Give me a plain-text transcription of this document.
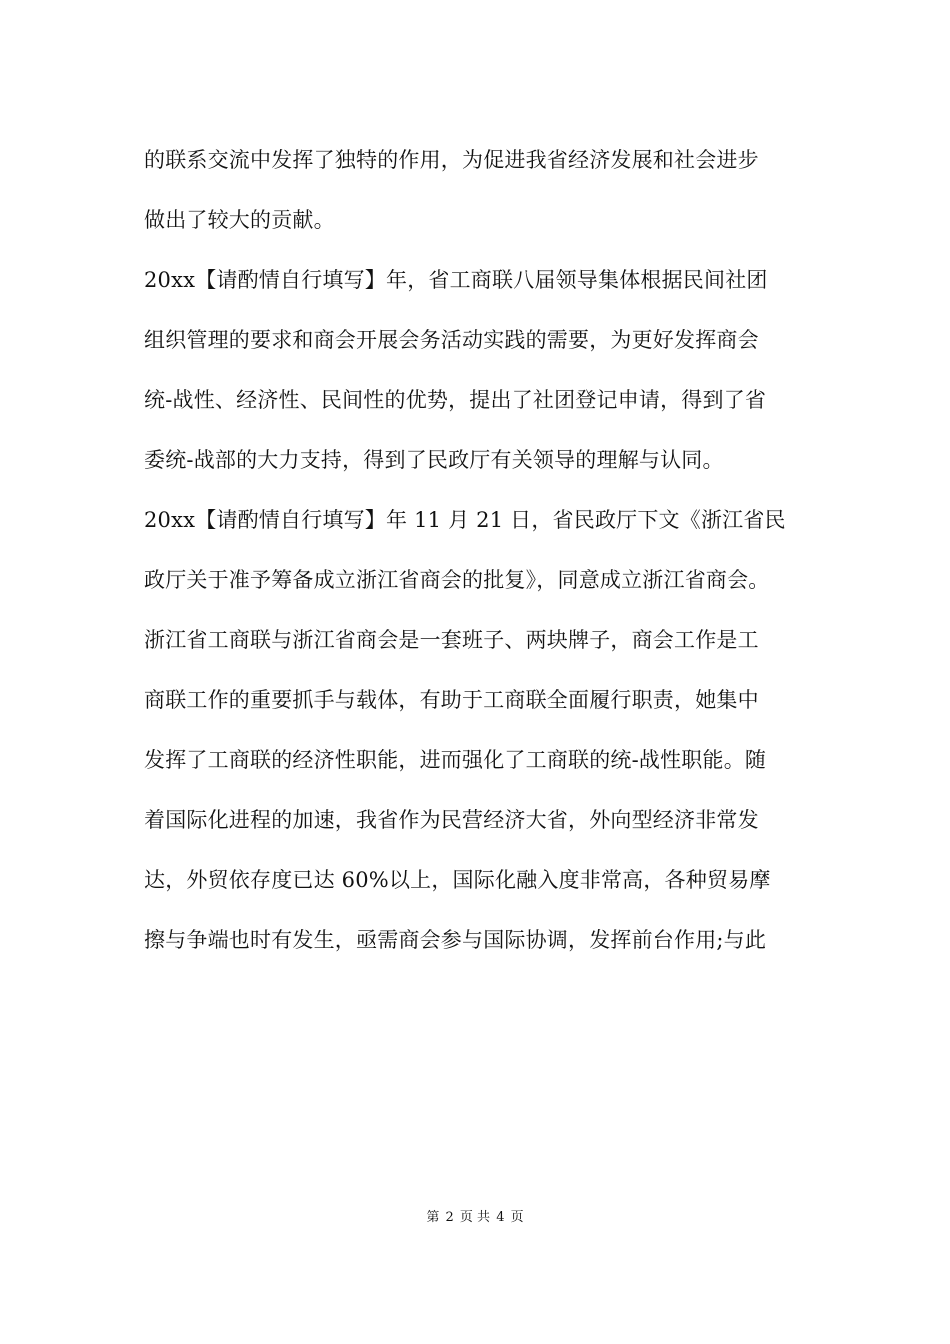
的联系交流中发挥了独特的作用，为促进我省经济发展和社会进步
做出了较大的贡献。
20xx【请酌情自行填写】年，省工商联八届领导集体根据民间社团
组织管理的要求和商会开展会务活动实践的需要，为更好发挥商会
统-战性、经济性、民间性的优势，提出了社团登记申请，得到了省
委统-战部的大力支持，得到了民政厅有关领导的理解与认同。
20xx【请酌情自行填写】年 11 月 21 日，省民政厅下文《浙江省民
政厅关于准予筹备成立浙江省商会的批复》，同意成立浙江省商会。
浙江省工商联与浙江省商会是一套班子、两块牌子，商会工作是工
商联工作的重要抓手与载体，有助于工商联全面履行职责，她集中
发挥了工商联的经济性职能，进而强化了工商联的统-战性职能。随
着国际化进程的加速，我省作为民营经济大省，外向型经济非常发
达，外贸依存度已达 60%以上，国际化融入度非常高，各种贸易摩
擦与争端也时有发生，亟需商会参与国际协调，发挥前台作用;与此
第 2 页 共 4 页
